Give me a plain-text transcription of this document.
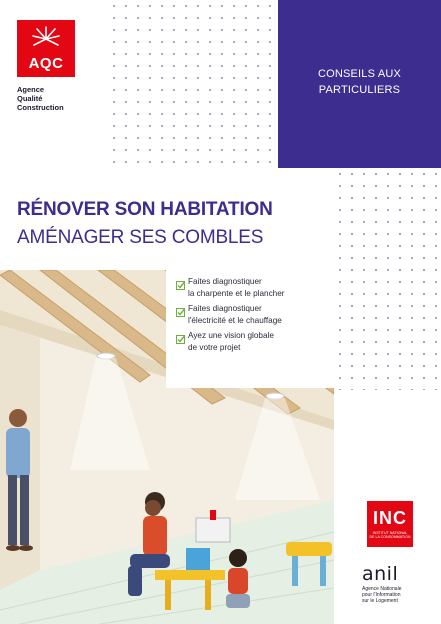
AQC
Agence
Qualité
Construction
CONSEILS AUX
PARTICULIERS
RÉNOVER SON HABITATION
AMÉNAGER SES COMBLES
Faites diagnostiquer
la charpente et le plancher
Faites diagnostiquer
l'électricité et le chauffage
Ayez une vision globale
de votre projet
INC
INSTITUT NATIONAL
DE LA CONSOMMATION
anil
Agence Nationale
pour l'Information
sur le Logement
